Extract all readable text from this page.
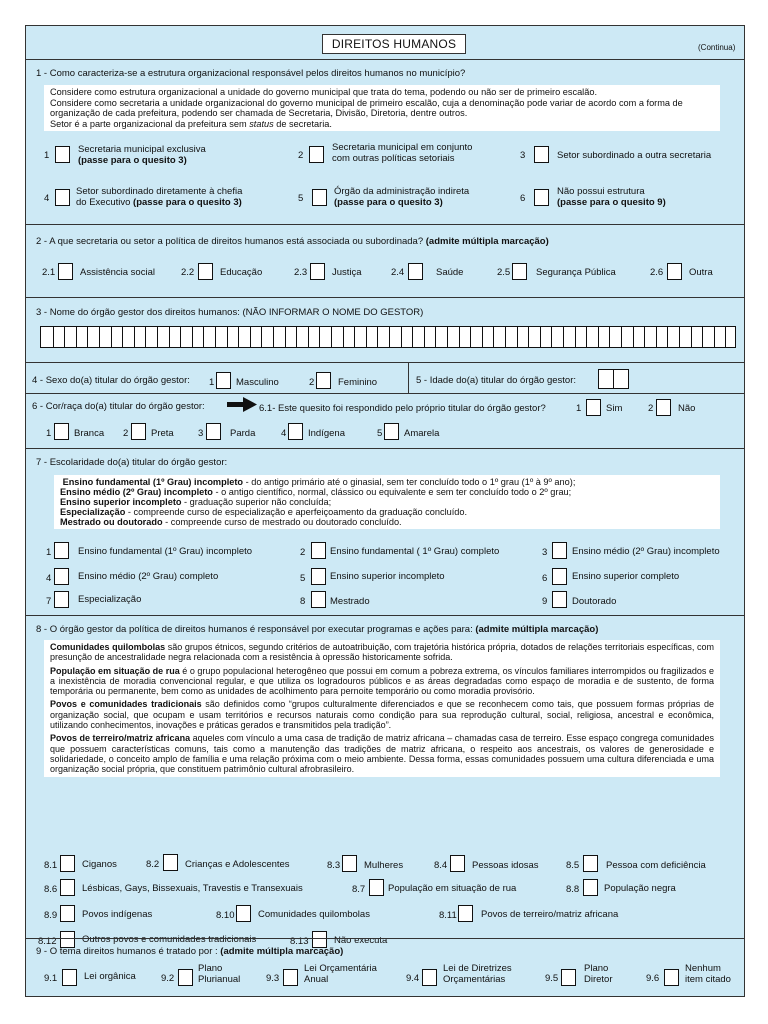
DIREITOS HUMANOS	(Continua)
1 - Como caracteriza-se a estrutura organizacional responsável pelos direitos humanos no município?
Considere como estrutura organizacional a unidade do governo municipal que trata do tema, podendo ou não ser de primeiro escalão.
Considere como secretaria a unidade organizacional do governo municipal de primeiro escalão, cuja a denominação pode variar de acordo com a forma de organização de cada prefeitura, podendo ser chamada de Secretaria, Divisão, Diretoria, dentre outros.
Setor é a parte organizacional da prefeitura sem status de secretaria.
1
Secretaria municipal exclusiva
(passe para o quesito 3)	2
Secretaria municipal em conjunto
com outras políticas setoriais	3	Setor subordinado a outra secretaria
4
Setor subordinado diretamente à chefia
do Executivo (passe para o quesito 3)	5
Órgão da administração indireta
(passe para o quesito 3)	6
Não possui estrutura
(passe para o quesito 9)
2 - A que secretaria ou setor a política de direitos humanos está associada ou subordinada? (admite múltipla marcação)
2.1	Assistência social	2.2	Educação	2.3	Justiça	2.4	Saúde	2.5	Segurança Pública	2.6	Outra
3 - Nome do órgão gestor dos direitos humanos: (NÃO INFORMAR O NOME DO GESTOR)
4 - Sexo do(a) titular do órgão gestor: 1 Masculino	2 Feminino	5 - Idade do(a) titular do órgão gestor:
6 - Cor/raça do(a) titular do órgão gestor:	6.1- Este quesito foi respondido pelo próprio titular do órgão gestor?	1	Sim	2	Não
1 Branca 2 Preta	3	Parda	4 Indígena	5 Amarela
7 - Escolaridade do(a) titular do órgão gestor:
Ensino fundamental (1º Grau) incompleto - do antigo primário até o ginasial, sem ter concluído todo o 1º grau (1º à 9º ano);
Ensino médio (2º Grau) incompleto - o antigo científico, normal, clássico ou equivalente e sem ter concluído todo o 2º grau;
Ensino superior incompleto - graduação superior não concluída;
Especialização - compreende curso de especialização e aperfeiçoamento da graduação concluído.
Mestrado ou doutorado - compreende curso de mestrado ou doutorado concluído.
1	Ensino fundamental (1º Grau) incompleto	2	Ensino fundamental ( 1º Grau) completo	3	Ensino médio (2º Grau) incompleto
4	Ensino médio (2º Grau) completo	5	Ensino superior incompleto	6	Ensino superior completo
7	Especialização	8	Mestrado	9	Doutorado
8 - O órgão gestor da política de direitos humanos é responsável por executar programas e ações para: (admite múltipla marcação)

Comunidades quilombolas são grupos étnicos, segundo critérios de autoatribuição, com trajetória histórica própria, dotados de relações territoriais específicas, com presunção de ancestralidade negra relacionada com a resistência à opressão historicamente sofrida.

População em situação de rua é o grupo populacional heterogêneo que possui em comum a pobreza extrema, os vínculos familiares interrompidos ou fragilizados e a inexistência de moradia convencional regular, e que utiliza os logradouros públicos e as áreas degradadas como espaço de moradia e de sustento, de forma temporária ou permanente, bem como as unidades de acolhimento para pernoite temporário ou como moradia provisório.

Povos e comunidades tradicionais são definidos como “grupos culturalmente diferenciados e que se reconhecem como tais, que possuem formas próprias de organização social, que ocupam e usam territórios e recursos naturais como condição para sua reprodução cultural, social, religiosa, ancestral e econômica, utilizando conhecimentos, inovações e práticas gerados e transmitidos pela tradição”.

Povos de terreiro/matriz africana aqueles com vínculo a uma casa de tradição de matriz africana – chamadas casa de terreiro. Esse espaço congrega comunidades que possuem características comuns, tais como a manutenção das tradições de matriz africana, o respeito aos ancestrais, os valores de generosidade e solidariedade, o conceito amplo de família e uma relação próxima com o meio ambiente. Dessa forma, essas comunidades possuem uma cultura diferenciada e uma organização social própria, que constituem patrimônio cultural afrobrasileiro.

8.1	Ciganos	8.2	Crianças e Adolescentes	8.3	Mulheres	8.4	Pessoas idosas	8.5	Pessoa com deficiência
8.6	Lésbicas, Gays, Bissexuais, Travestis e Transexuais	8.7 População em situação de rua	8.8	População negra
8.9	Povos indígenas	8.10 Comunidades quilombolas	8.11	Povos de terreiro/matriz africana
8.12	Outros povos e comunidades tradicionais	8.13	Não executa
9 - O tema direitos humanos é tratado por : (admite múltipla marcação)
9.1	Lei orgânica	9.2
Plano
Plurianual	9.3
Lei Orçamentária
Anual	9.4
Lei de Diretrizes
Orçamentárias	9.5
Plano
Diretor	9.6
Nenhum
item citado
